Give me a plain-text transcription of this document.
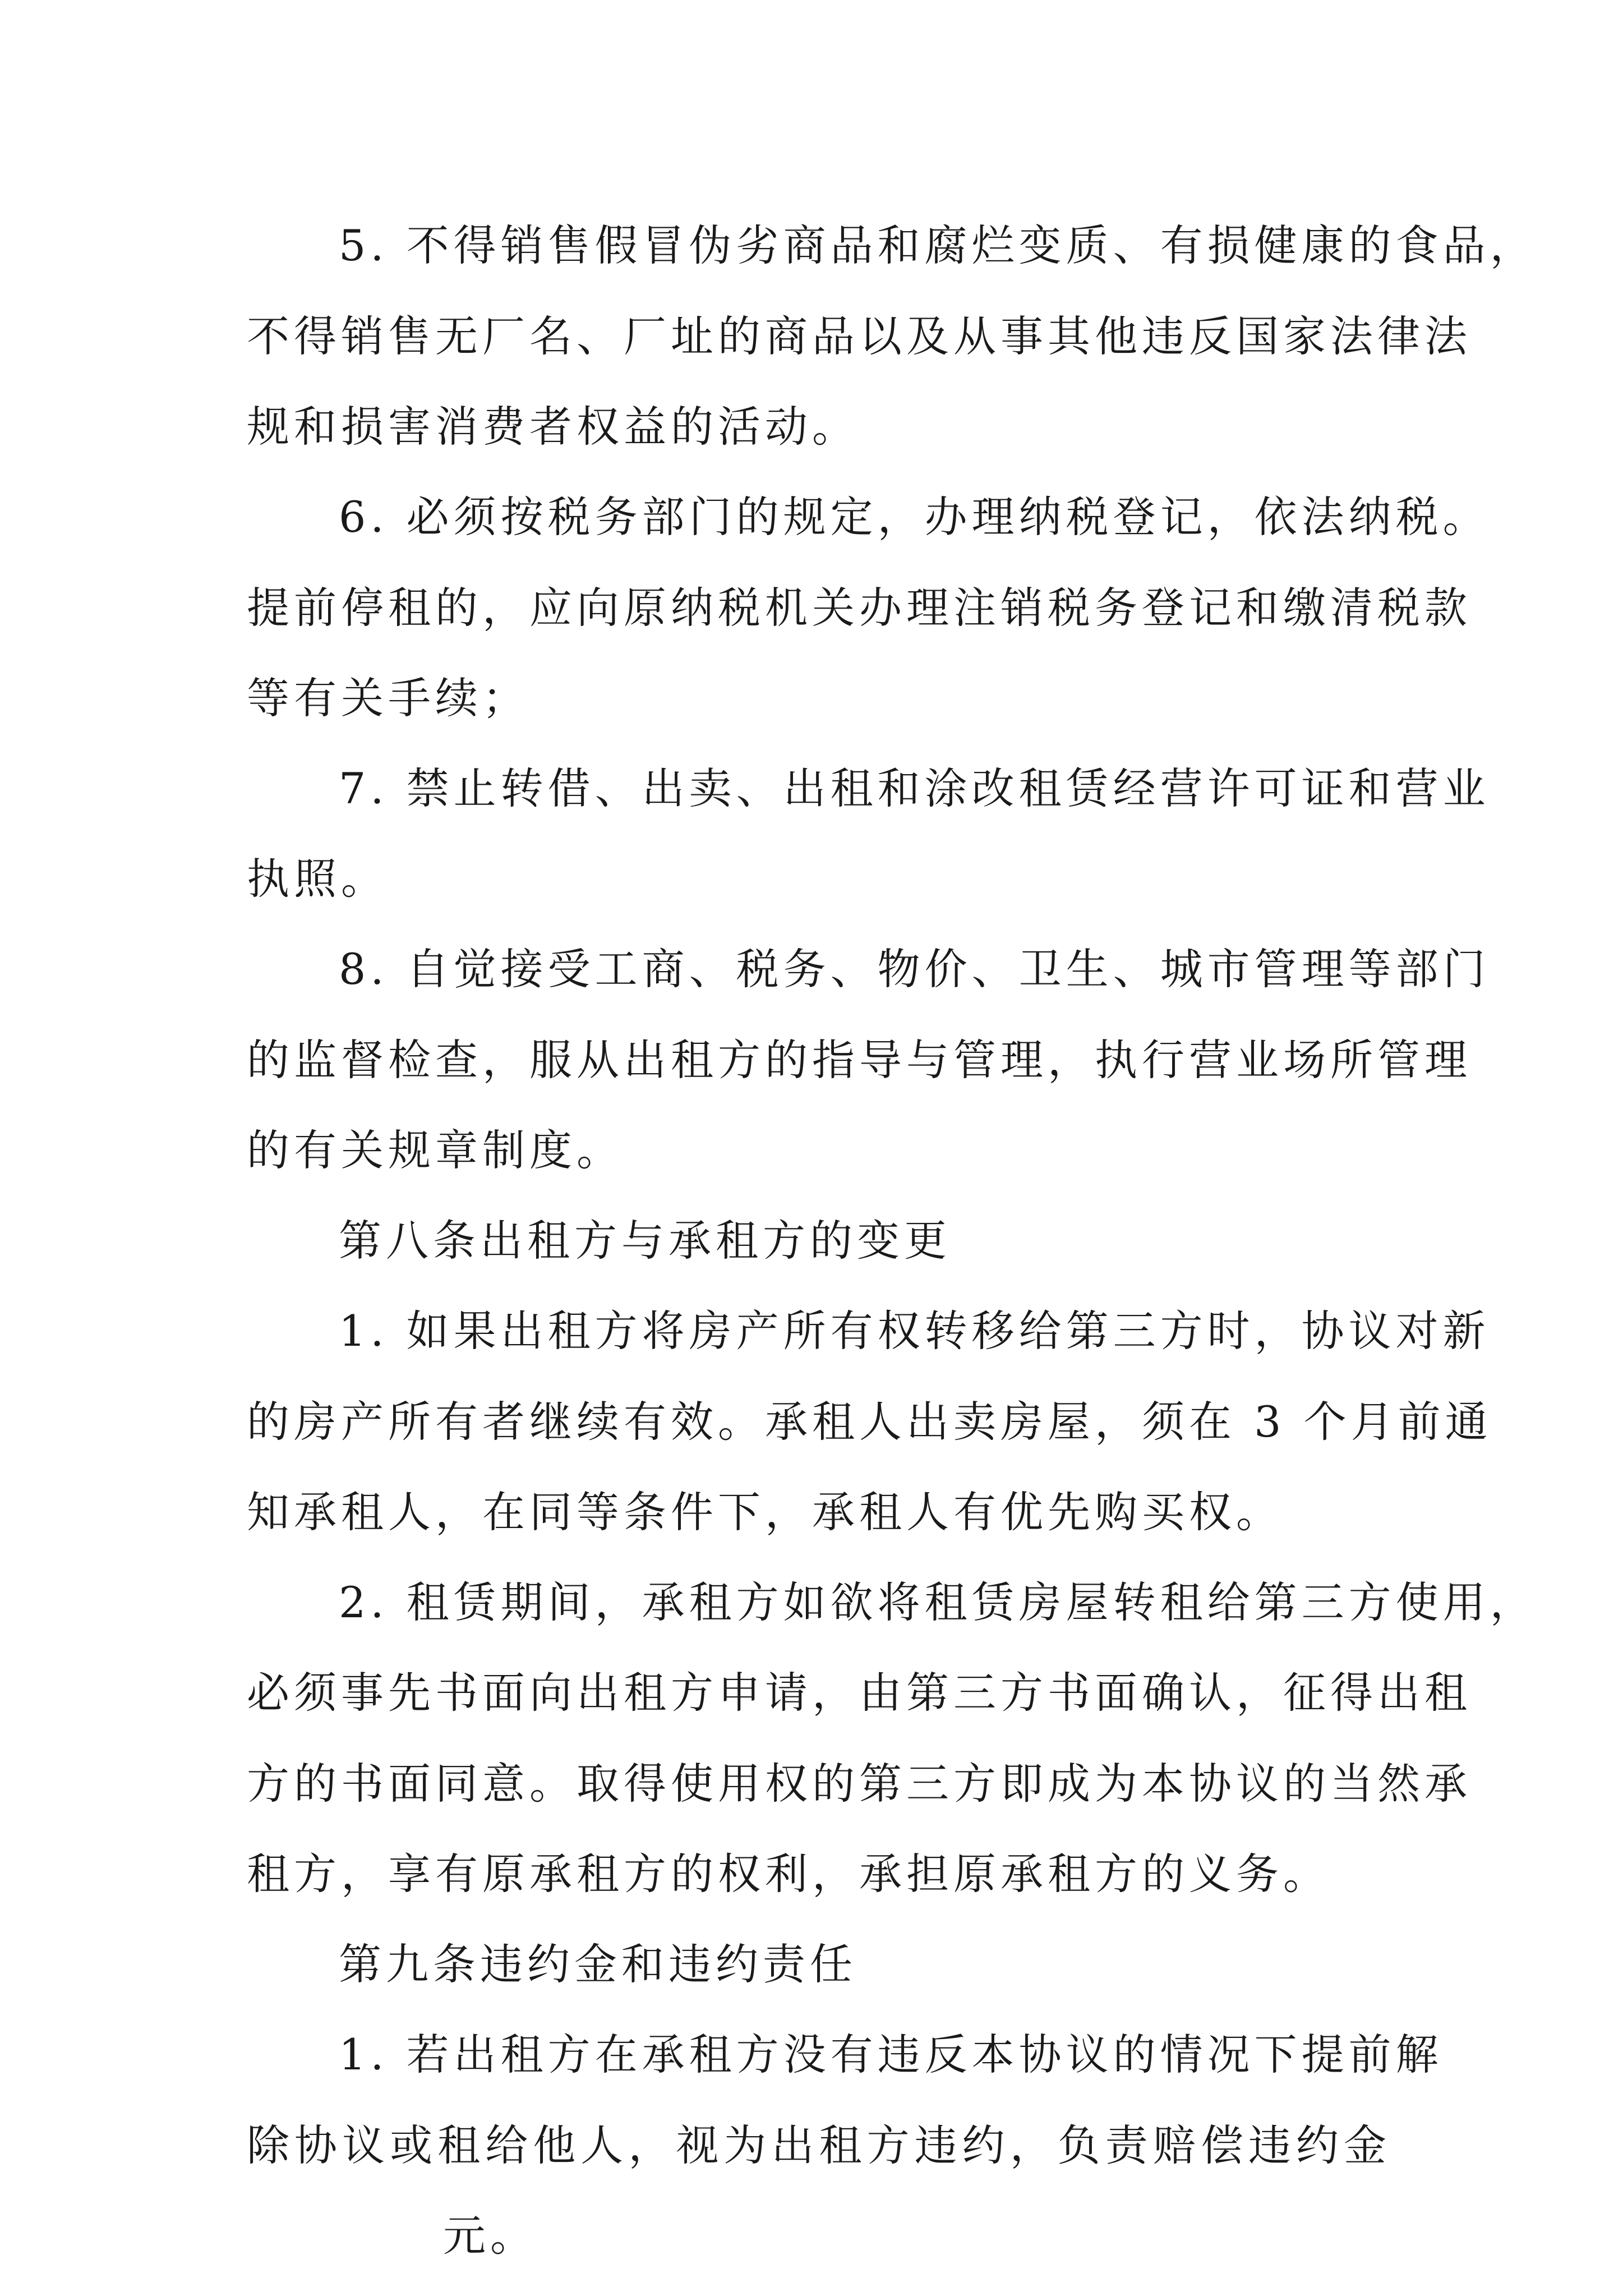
5. 不得销售假冒伪劣商品和腐烂变质、有损健康的食品，
不得销售无厂名、厂址的商品以及从事其他违反国家法律法
规和损害消费者权益的活动。
6. 必须按税务部门的规定，办理纳税登记，依法纳税。
提前停租的，应向原纳税机关办理注销税务登记和缴清税款
等有关手续；
7. 禁止转借、出卖、出租和涂改租赁经营许可证和营业
执照。
8. 自觉接受工商、税务、物价、卫生、城市管理等部门
的监督检查，服从出租方的指导与管理，执行营业场所管理
的有关规章制度。
第八条出租方与承租方的变更
1. 如果出租方将房产所有权转移给第三方时，协议对新
的房产所有者继续有效。承租人出卖房屋，须在 3 个月前通
知承租人，在同等条件下，承租人有优先购买权。
2. 租赁期间，承租方如欲将租赁房屋转租给第三方使用，
必须事先书面向出租方申请，由第三方书面确认，征得出租
方的书面同意。取得使用权的第三方即成为本协议的当然承
租方，享有原承租方的权利，承担原承租方的义务。
第九条违约金和违约责任
1. 若出租方在承租方没有违反本协议的情况下提前解
除协议或租给他人，视为出租方违约，负责赔偿违约金
元。
